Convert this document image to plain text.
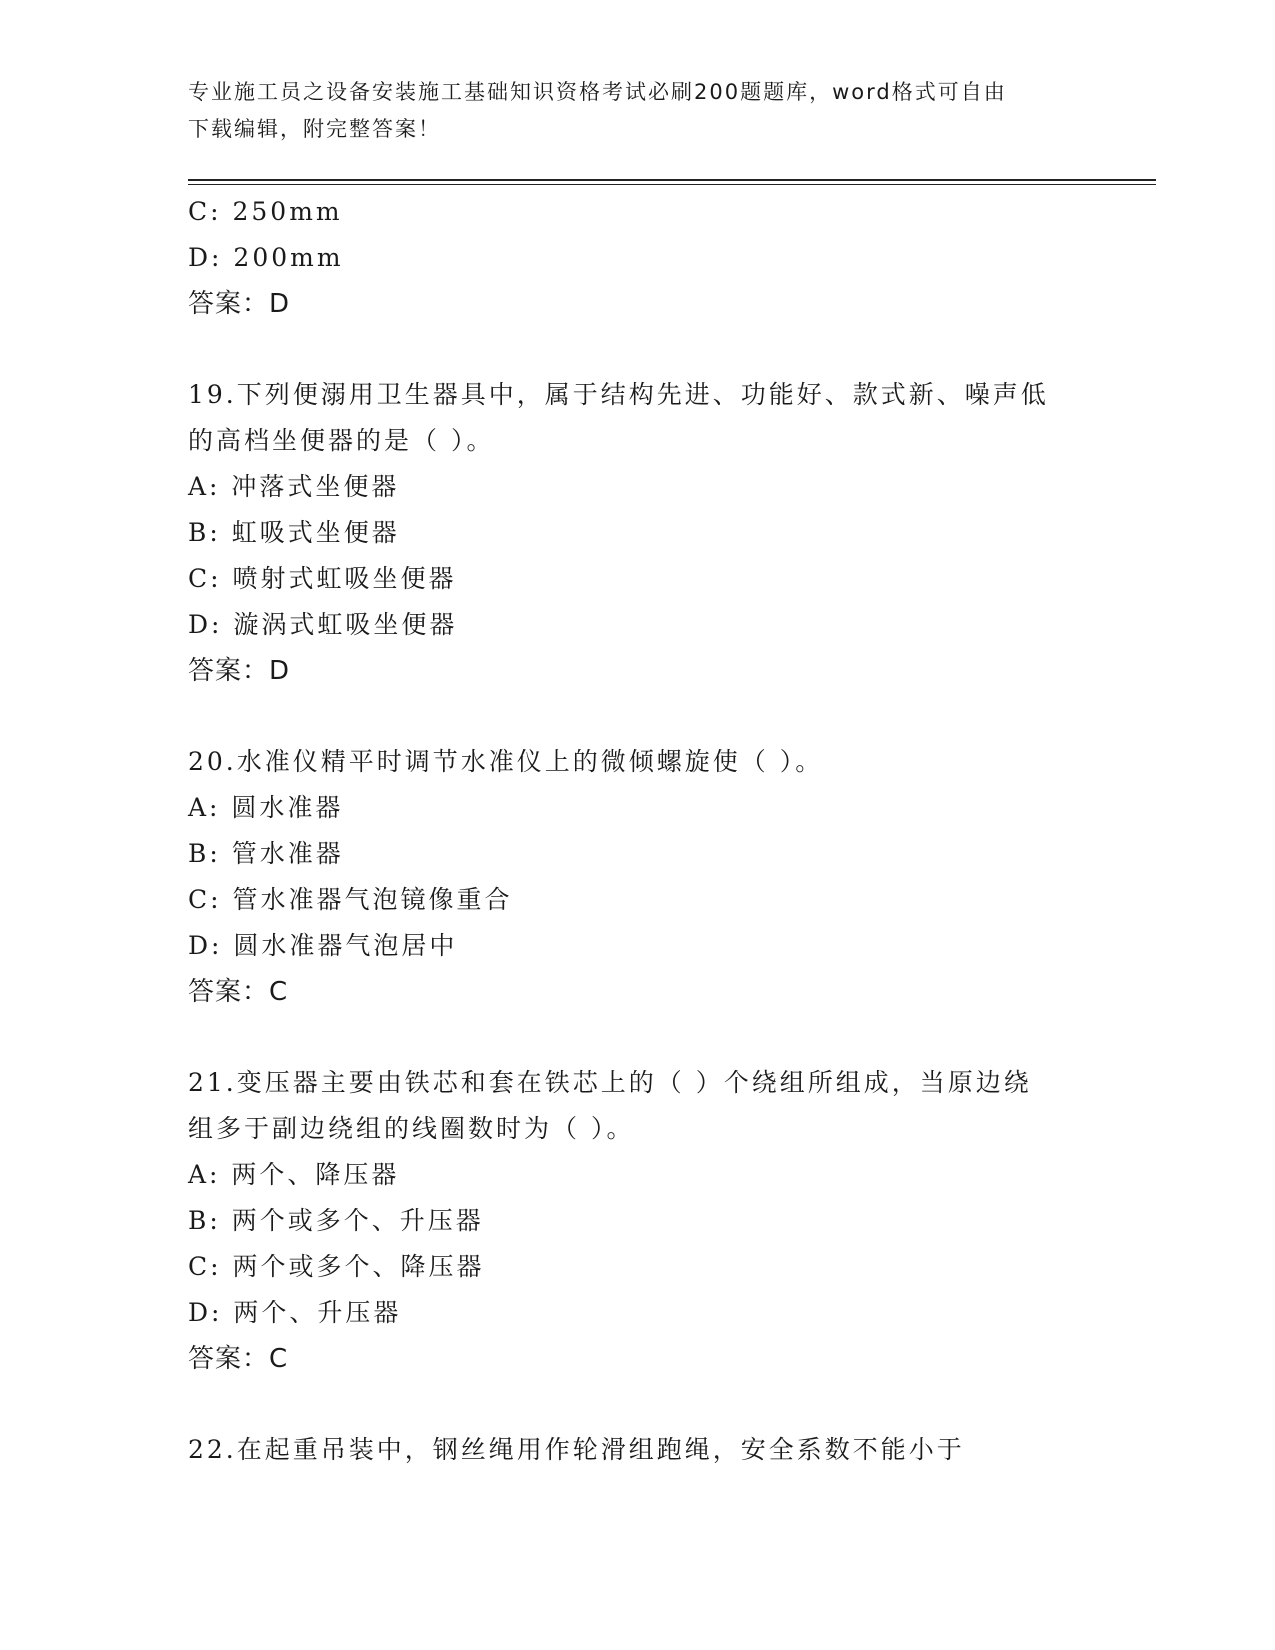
专业施工员之设备安装施工基础知识资格考试必刷200题题库，word格式可自由
下载编辑，附完整答案！
C: 250mm
D: 200mm
答案：D
19.下列便溺用卫生器具中，属于结构先进、功能好、款式新、噪声低
的高档坐便器的是（ ）。
A: 冲落式坐便器
B: 虹吸式坐便器
C: 喷射式虹吸坐便器
D: 漩涡式虹吸坐便器
答案：D
20.水准仪精平时调节水准仪上的微倾螺旋使（ ）。
A: 圆水准器
B: 管水准器
C: 管水准器气泡镜像重合
D: 圆水准器气泡居中
答案：C
21.变压器主要由铁芯和套在铁芯上的（ ）个绕组所组成，当原边绕
组多于副边绕组的线圈数时为（ ）。
A: 两个、降压器
B: 两个或多个、升压器
C: 两个或多个、降压器
D: 两个、升压器
答案：C
22.在起重吊装中，钢丝绳用作轮滑组跑绳，安全系数不能小于
